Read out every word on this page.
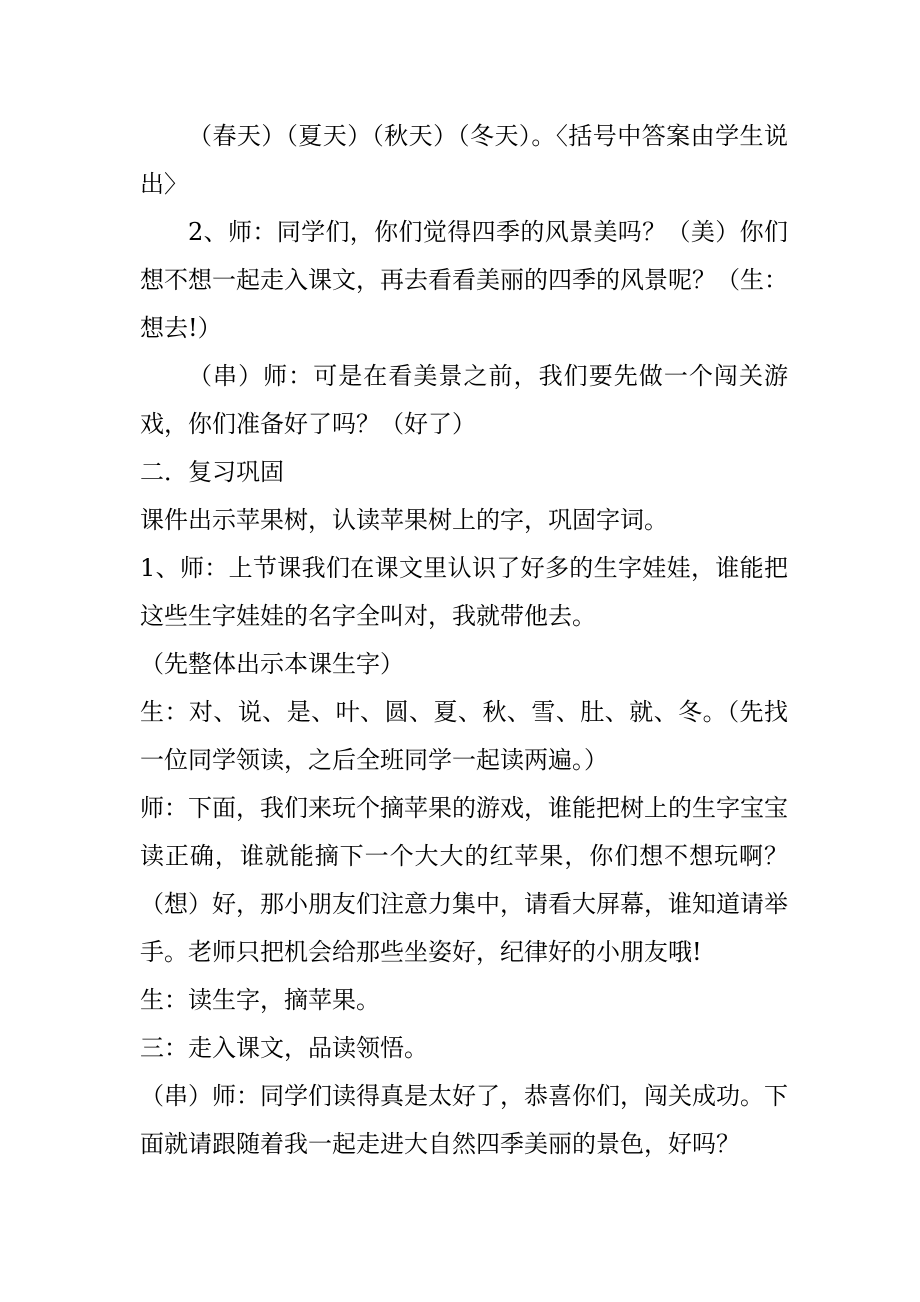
（春天）（夏天）（秋天）（冬天）。〈括号中答案由学生说出〉

2、师：同学们，你们觉得四季的风景美吗？（美）你们想不想一起走入课文，再去看看美丽的四季的风景呢？（生：想去!）

（串）师：可是在看美景之前，我们要先做一个闯关游戏，你们准备好了吗？（好了）

二．复习巩固

课件出示苹果树，认读苹果树上的字，巩固字词。

1、师：上节课我们在课文里认识了好多的生字娃娃，谁能把这些生字娃娃的名字全叫对，我就带他去。

（先整体出示本课生字）

生：对、说、是、叶、圆、夏、秋、雪、肚、就、冬。（先找一位同学领读，之后全班同学一起读两遍。）

师：下面，我们来玩个摘苹果的游戏，谁能把树上的生字宝宝读正确，谁就能摘下一个大大的红苹果，你们想不想玩啊？（想）好，那小朋友们注意力集中，请看大屏幕，谁知道请举手。老师只把机会给那些坐姿好，纪律好的小朋友哦!

生：读生字，摘苹果。

三：走入课文，品读领悟。

（串）师：同学们读得真是太好了，恭喜你们，闯关成功。下面就请跟随着我一起走进大自然四季美丽的景色，好吗？
